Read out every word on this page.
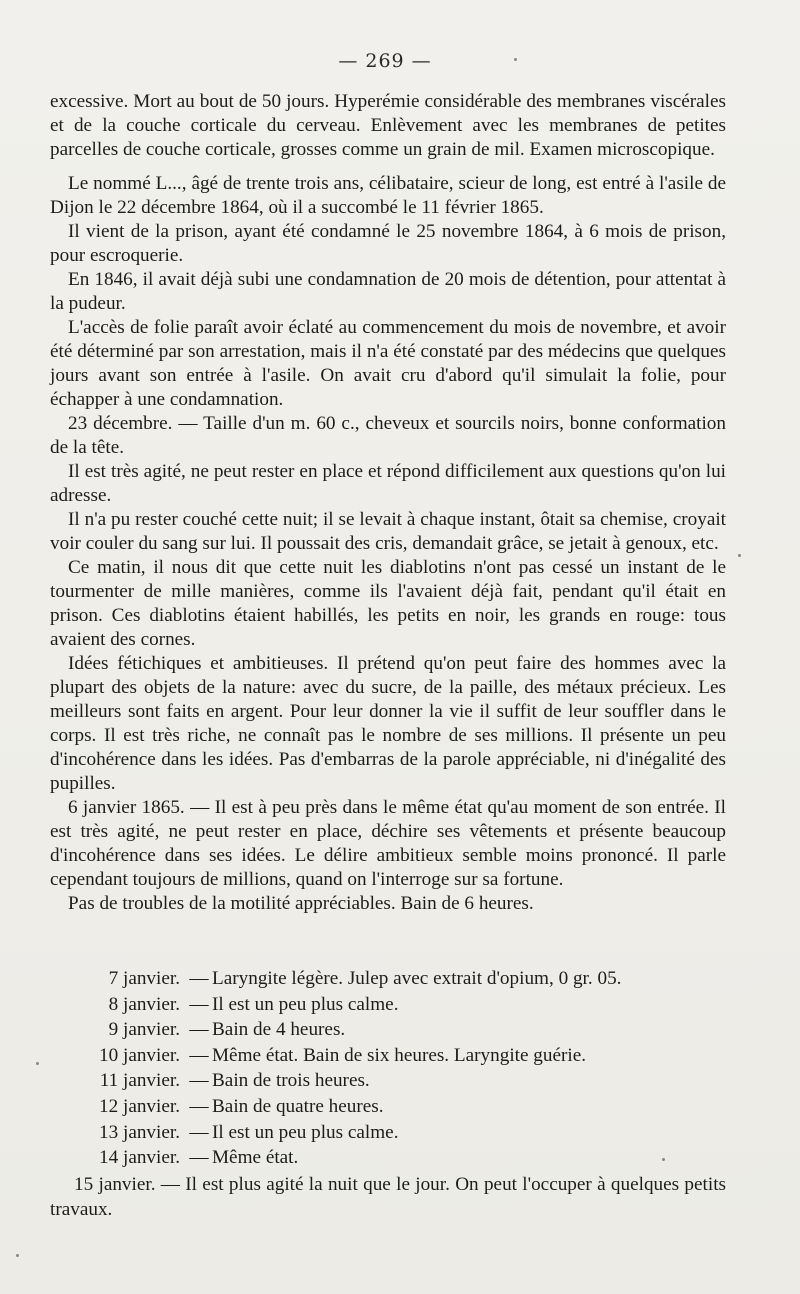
— 269 —

excessive. Mort au bout de 50 jours. Hyperémie considérable des membranes viscérales et de la couche corticale du cerveau. Enlèvement avec les membranes de petites parcelles de couche corticale, grosses comme un grain de mil. Examen microscopique.

Le nommé L..., âgé de trente trois ans, célibataire, scieur de long, est entré à l'asile de Dijon le 22 décembre 1864, où il a succombé le 11 février 1865.

Il vient de la prison, ayant été condamné le 25 novembre 1864, à 6 mois de prison, pour escroquerie.

En 1846, il avait déjà subi une condamnation de 20 mois de détention, pour attentat à la pudeur.

L'accès de folie paraît avoir éclaté au commencement du mois de novembre, et avoir été déterminé par son arrestation, mais il n'a été constaté par des médecins que quelques jours avant son entrée à l'asile. On avait cru d'abord qu'il simulait la folie, pour échapper à une condamnation.

23 décembre. — Taille d'un m. 60 c., cheveux et sourcils noirs, bonne conformation de la tête.

Il est très agité, ne peut rester en place et répond difficilement aux questions qu'on lui adresse.

Il n'a pu rester couché cette nuit; il se levait à chaque instant, ôtait sa chemise, croyait voir couler du sang sur lui. Il poussait des cris, demandait grâce, se jetait à genoux, etc.

Ce matin, il nous dit que cette nuit les diablotins n'ont pas cessé un instant de le tourmenter de mille manières, comme ils l'avaient déjà fait, pendant qu'il était en prison. Ces diablotins étaient habillés, les petits en noir, les grands en rouge: tous avaient des cornes.

Idées fétichiques et ambitieuses. Il prétend qu'on peut faire des hommes avec la plupart des objets de la nature: avec du sucre, de la paille, des métaux précieux. Les meilleurs sont faits en argent. Pour leur donner la vie il suffit de leur souffler dans le corps. Il est très riche, ne connaît pas le nombre de ses millions. Il présente un peu d'incohérence dans les idées. Pas d'embarras de la parole appréciable, ni d'inégalité des pupilles.

6 janvier 1865. — Il est à peu près dans le même état qu'au moment de son entrée. Il est très agité, ne peut rester en place, déchire ses vêtements et présente beaucoup d'incohérence dans ses idées. Le délire ambitieux semble moins prononcé. Il parle cependant toujours de millions, quand on l'interroge sur sa fortune.

Pas de troubles de la motilité appréciables. Bain de 6 heures.

7 janvier. — Laryngite légère. Julep avec extrait d'opium, 0 gr. 05.
8 janvier. — Il est un peu plus calme.
9 janvier. — Bain de 4 heures.
10 janvier. — Même état. Bain de six heures. Laryngite guérie.
11 janvier. — Bain de trois heures.
12 janvier. — Bain de quatre heures.
13 janvier. — Il est un peu plus calme.
14 janvier. — Même état.
15 janvier. — Il est plus agité la nuit que le jour. On peut l'occuper à quelques petits travaux.
